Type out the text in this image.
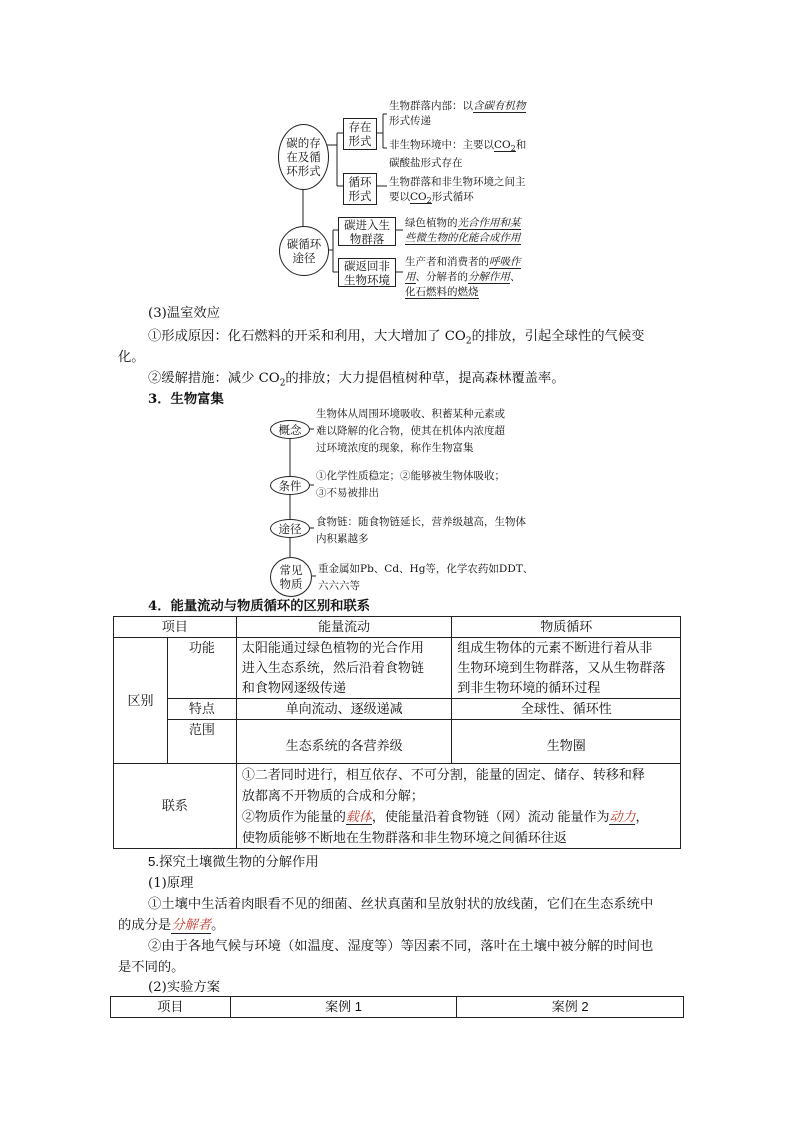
碳的存在及循环形式
存在形式
生物群落内部：以含碳有机物
形式传递
非生物环境中：主要以$CO_2$和
碳酸盐形式存在
循环形式
生物群落和非生物环境之间主
要以$CO_2$形式循环
碳循环途径
碳进入生物群落
绿色植物的光合作用和某
些微生物的化能合成作用
碳返回非生物环境
生产者和消费者的呼吸作
用、分解者的分解作用、
化石燃料的燃烧
(3)温室效应
①形成原因：化石燃料的开采和利用，大大增加了 $CO_2$的排放，引起全球性的气候变
化。
②缓解措施：减少 $CO_2$的排放；大力提倡植树种草，提高森林覆盖率。
3．生物富集
概念
生物体从周围环境吸收、积蓄某种元素或
难以降解的化合物，使其在机体内浓度超
过环境浓度的现象，称作生物富集
条件
①化学性质稳定；②能够被生物体吸收；
③不易被排出
途径 食物链：随食物链延长，营养级越高，生物体
内积累越多
常见物质
重金属如Pb、Cd、Hg等，化学农药如DDT、
六六六等
4．能量流动与物质循环的区别和联系
项目		能量流动	物质循环
区别	功能	太阳能通过绿色植物的光合作用
进入生态系统，然后沿着食物链
和食物网逐级传递	组成生物体的元素不断进行着从非
生物环境到生物群落，又从生物群落
到非生物环境的循环过程
	特点	单向流动、逐级递减	全球性、循环性
	范围	生态系统的各营养级	生物圈
联系		①二者同时进行，相互依存、不可分割，能量的固定、储存、转移和释
放都离不开物质的合成和分解；
②物质作为能量的载体，使能量沿着食物链（网）流动 能量作为动力，
使物质能够不断地在生物群落和非生物环境之间循环往返	
5.探究土壤微生物的分解作用
(1)原理
①土壤中生活着肉眼看不见的细菌、丝状真菌和呈放射状的放线菌，它们在生态系统中
的成分是分解者。
②由于各地气候与环境（如温度、湿度等）等因素不同，落叶在土壤中被分解的时间也
是不同的。
(2)实验方案
项目	案例 1	案例 2
